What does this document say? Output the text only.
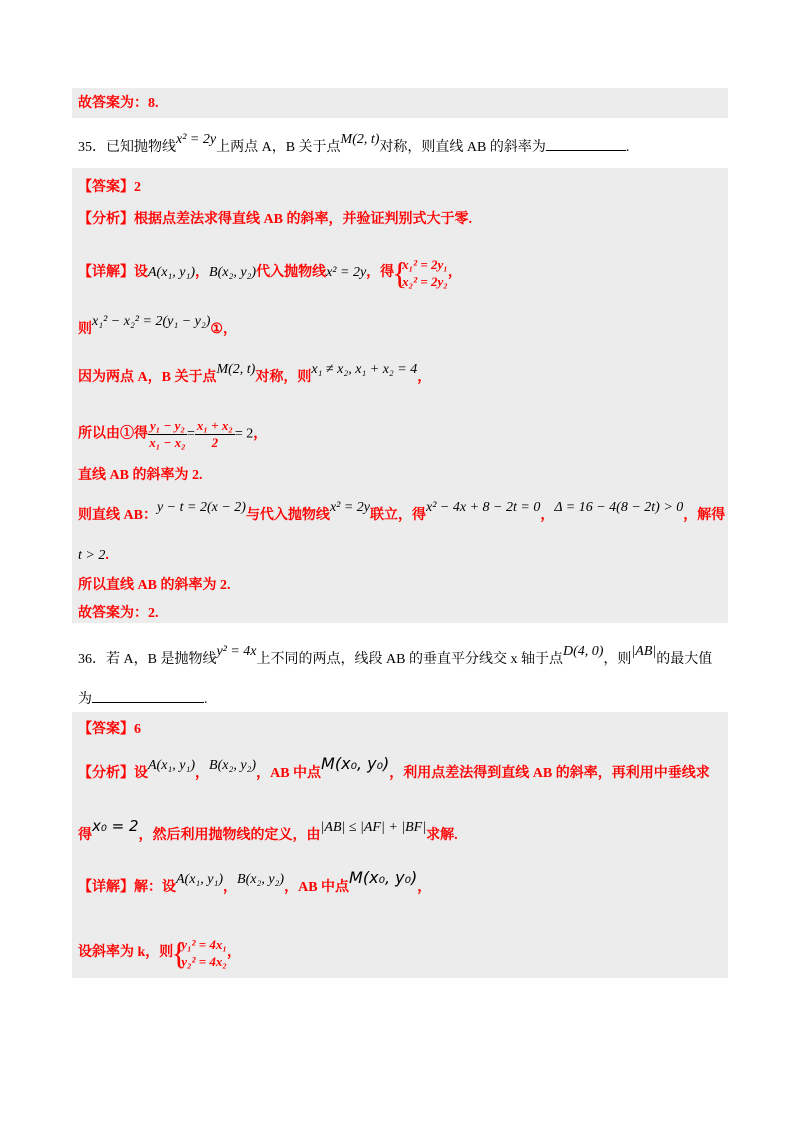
故答案为：8.
35．已知抛物线x² = 2y上两点 A，B 关于点M(2, t)对称，则直线 AB 的斜率为	.
【答案】2
【分析】根据点差法求得直线 AB 的斜率，并验证判别式大于零.
【详解】设A(x₁, y₁)，B(x₂, y₂)代入抛物线x² = 2y，得
{ x₁² = 2y₁
x₂² = 2y₂
，
则x₁² − x₂² = 2(y₁ − y₂)①，
因为两点 A，B 关于点M(2, t)对称，则x₁ ≠ x₂, x₁ + x₂ = 4，
所以由①得 $\frac{\text{y₁ − y₂}}{\text{x₁ − x₂}} = \frac{\text{x₁ + x₂}}{2} = 2$，
直线 AB 的斜率为 2.
则直线 AB：y − t = 2(x − 2)与代入抛物线x² = 2y联立，得x² − 4x + 8 − 2t = 0，Δ = 16 − 4(8 − 2t) > 0，解得
t > 2.
所以直线 AB 的斜率为 2.
故答案为：2.
36．若 A，B 是抛物线y² = 4x上不同的两点，线段 AB 的垂直平分线交 x 轴于点D(4, 0)，则|AB|的最大值
为	.
【答案】6
【分析】设A(x₁, y₁)，B(x₂, y₂)，AB 中点M(x₀, y₀)，利用点差法得到直线 AB 的斜率，再利用中垂线求
得x₀ = 2，然后利用抛物线的定义，由|AB| ≤ |AF| + |BF|求解.
【详解】解：设A(x₁, y₁)，B(x₂, y₂)，AB 中点M(x₀, y₀)，
设斜率为 k，则
{ y₁² = 4x₁
y₂² = 4x₂
，
